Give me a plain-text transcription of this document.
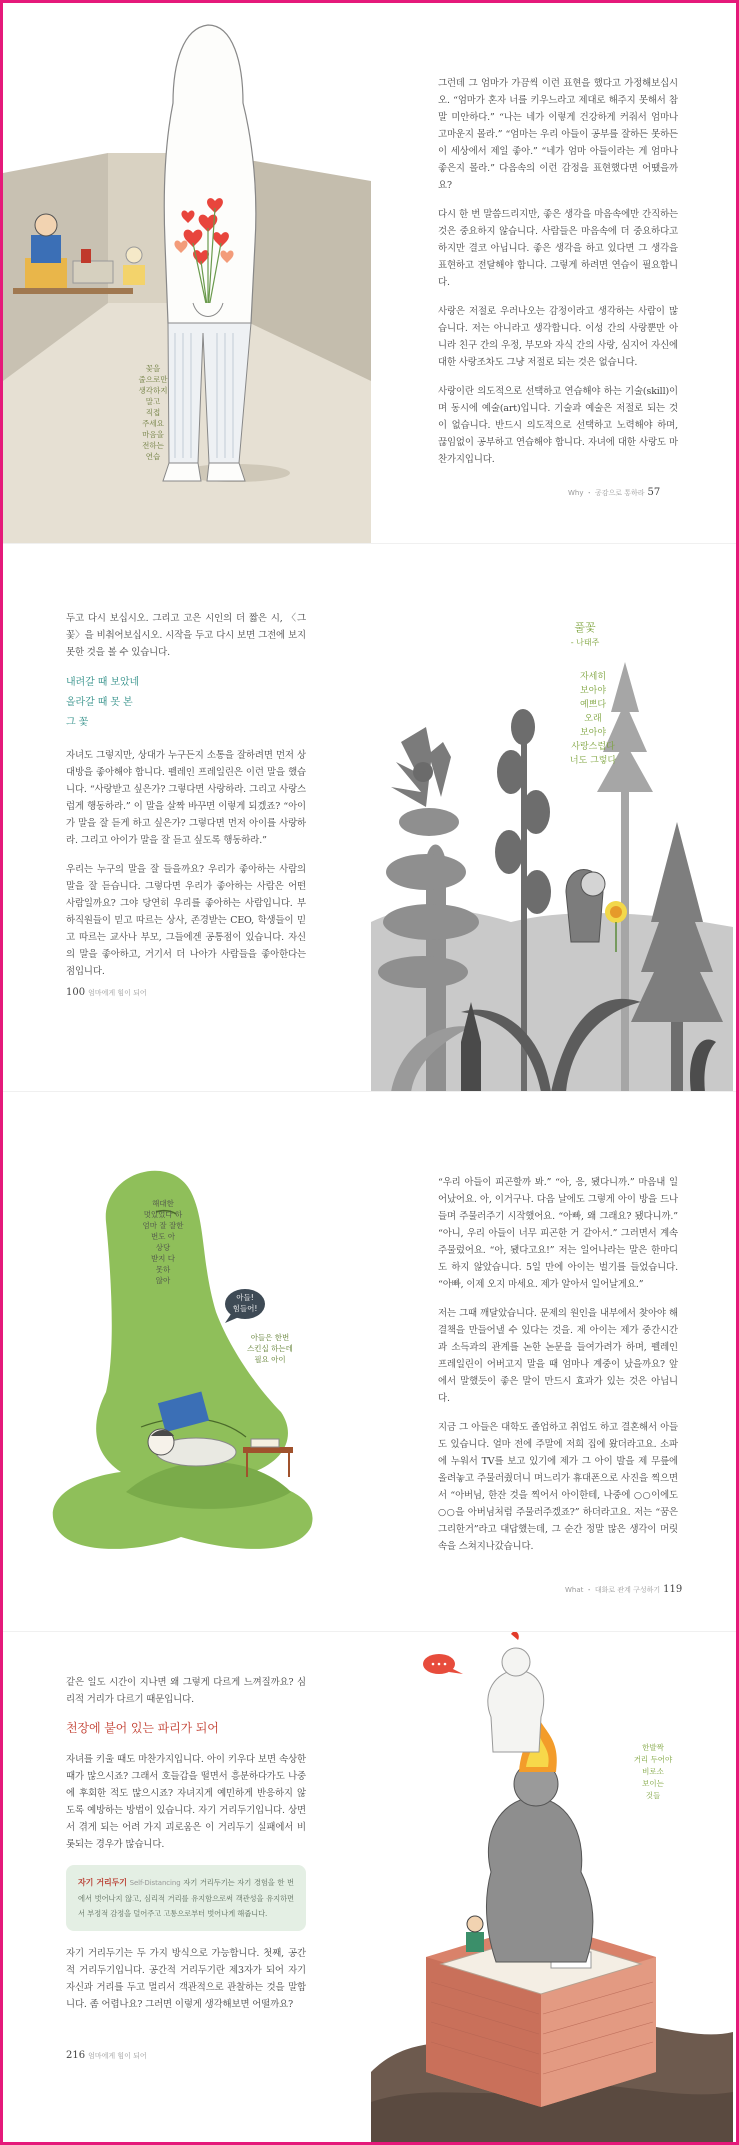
꽃을
줄으로만
생각하지
말고
직접
주세요
마음을
전하는
연습

그런데 그 엄마가 가끔씩 이런 표현을 했다고 가정해보십시오. “엄마가 혼자 너를 키우느라고 제대로 해주지 못해서 참말 미안하다.” “나는 네가 이렇게 건강하게 커줘서 엄마나 고마운지 몰라.” “엄마는 우리 아들이 공부를 잘하든 못하든 이 세상에서 제일 좋아.” “네가 엄마 아들이라는 게 엄마나 좋은지 몰라.” 다음속의 이런 감정을 표현했다면 어땠을까요?

다시 한 번 말씀드리지만, 좋은 생각을 마음속에만 간직하는 것은 중요하지 않습니다. 사람들은 마음속에 더 중요하다고 하지만 결코 아닙니다. 좋은 생각을 하고 있다면 그 생각을 표현하고 전달해야 합니다. 그렇게 하려면 연습이 필요합니다.

사랑은 저절로 우러나오는 감정이라고 생각하는 사람이 많습니다. 저는 아니라고 생각합니다. 이성 간의 사랑뿐만 아니라 친구 간의 우정, 부모와 자식 간의 사랑, 심지어 자신에 대한 사랑조차도 그냥 저절로 되는 것은 없습니다.

사랑이란 의도적으로 선택하고 연습해야 하는 기술(skill)이며 동시에 예술(art)입니다. 기술과 예술은 저절로 되는 것이 없습니다. 반드시 의도적으로 선택하고 노력해야 하며, 끊임없이 공부하고 연습해야 합니다. 자녀에 대한 사랑도 마찬가지입니다.

Why ・ 공감으로 통하라 57

두고 다시 보십시오. 그리고 고은 시인의 더 짧은 시, 〈그 꽃〉을 비춰어보십시오. 시작을 두고 다시 보면 그전에 보지 못한 것을 볼 수 있습니다.

내려갈 때 보았네
올라갈 때 못 본
그 꽃

자녀도 그렇지만, 상대가 누구든지 소통을 잘하려면 먼저 상대방을 좋아해야 합니다. 펠레인 프레일린은 이런 말을 했습니다. “사랑받고 싶은가? 그렇다면 사랑하라. 그리고 사랑스럽게 행동하라.” 이 말을 살짝 바꾸면 이렇게 되겠죠? “아이가 말을 잘 듣게 하고 싶은가? 그렇다면 먼저 아이를 사랑하라. 그리고 아이가 말을 잘 듣고 싶도록 행동하라.”

우리는 누구의 말을 잘 들을까요? 우리가 좋아하는 사람의 말을 잘 듣습니다. 그렇다면 우리가 좋아하는 사람은 어떤 사람일까요? 그야 당연히 우리를 좋아하는 사람입니다. 부하직원들이 믿고 따르는 상사, 존경받는 CEO, 학생들이 믿고 따르는 교사나 부모, 그들에겐 공통점이 있습니다. 자신의 말을 좋아하고, 거기서 더 나아가 사람들을 좋아한다는 점입니다.

100 엄마에게 힘이 되어
풀꽃
- 나태주
자세히
보아야
예쁘다
오래
보아야
사랑스럽다
너도 그렇다
해대한
멋있었다 하
엄마 잘 잘한
번도 아
상당
받지 다
못하
않아
아들!
힘들어!
아들은 한번
스킨십 하는데
필요 아이

“우리 아들이 피곤할까 봐.” “아, 응, 됐다니까.” 마음내 일어났어요. 아, 이거구나. 다음 날에도 그렇게 아이 방을 드나들며 주물러주기 시작했어요. “아빠, 왜 그래요? 됐다니까.” “아니, 우리 아들이 너무 피곤한 거 같아서.” 그러면서 계속 주물렀어요. “아, 됐다고요!” 저는 일어나라는 말은 한마디도 하지 않았습니다. 5일 만에 아이는 벌기를 들었습니다. “아빠, 이제 오지 마세요. 제가 알아서 일어날게요.”

저는 그때 깨달았습니다. 문제의 원인을 내부에서 찾아야 해결책을 만들어낼 수 있다는 것을. 제 아이는 제가 중간시간과 소득과의 관계를 논한 논문을 들여가려가 하며, 펠레인 프레일린이 어버고지 말을 때 엄마나 계중이 났을까요? 앞에서 말했듯이 좋은 말이 만드시 효과가 있는 것은 아닙니다.

지금 그 아들은 대학도 졸업하고 취업도 하고 결혼해서 아들도 있습니다. 얼마 전에 주말에 저희 집에 왔더라고요. 소파에 누워서 TV를 보고 있기에 제가 그 아이 발을 제 무릎에 올려놓고 주물러줬더니 며느리가 휴대폰으로 사진을 찍으면서 “아버님, 한잔 것을 찍어서 아이한테, 나중에 ○○이에도 ○○을 아버님처럼 주물러주겠죠?” 하더라고요. 저는 “꿈은 그리한거”라고 대답했는데, 그 순간 정말 많은 생각이 머릿속을 스쳐지나갔습니다.

What ・ 대화로 관계 구성하기 119

같은 일도 시간이 지나면 왜 그렇게 다르게 느껴질까요? 심리적 거리가 다르기 때문입니다.

천장에 붙어 있는 파리가 되어

자녀를 키울 때도 마찬가지입니다. 아이 키우다 보면 속상한 때가 많으시죠? 그래서 호들갑을 떨면서 흥분하다가도 나중에 후회한 적도 많으시죠? 자녀지게 예민하게 반응하지 않도록 예방하는 방법이 있습니다. 자기 거리두기입니다. 상면서 겪게 되는 어려 가지 괴로움은 이 거리두기 실패에서 비롯되는 경우가 많습니다.

자기 거리두기 Self-Distancing 자기 거리두기는 자기 경험을 한 번에서 벗어나지 않고, 심리적 거리를 유지함으로써 객관성을 유지하면서 부정적 감정을 덜어주고 고통으로부터 벗어나게 해줍니다.

자기 거리두기는 두 가지 방식으로 가능합니다. 첫째, 공간적 거리두기입니다. 공간적 거리두기란 제3자가 되어 자기 자신과 거리를 두고 멀리서 객관적으로 관찰하는 것을 말합니다. 좀 어렵나요? 그러면 이렇게 생각해보면 어떨까요?

216 엄마에게 힘이 되어
한발짝
거리 두어야
비로소
보이는
것들
